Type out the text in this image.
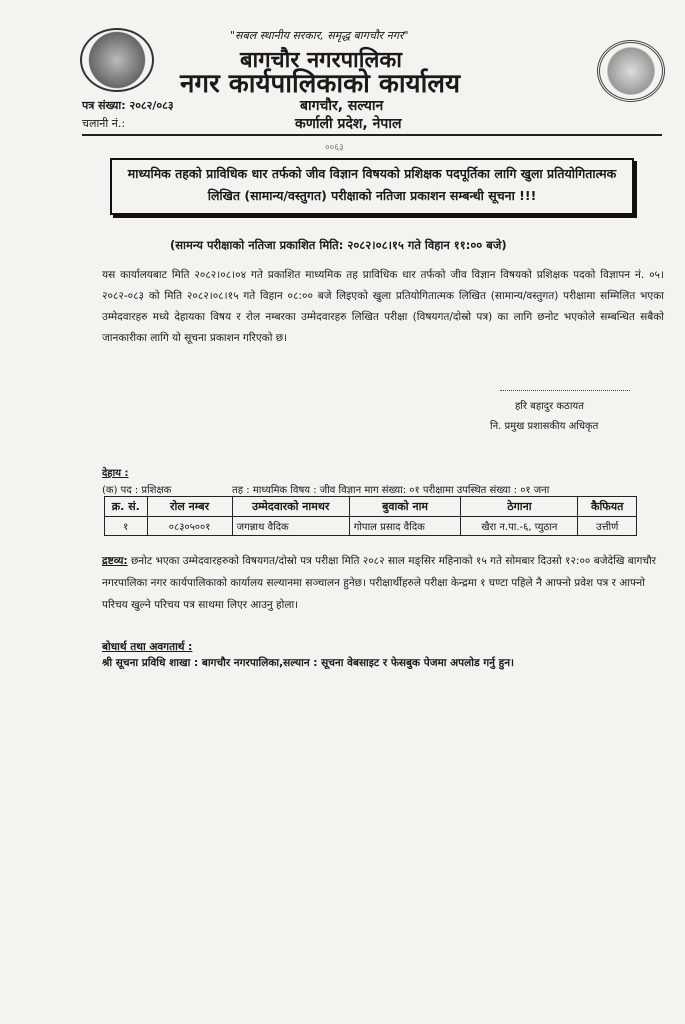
"सबल स्थानीय सरकार, समृद्ध बागचौर नगर"
बागचौर नगरपालिका
नगर कार्यपालिकाको कार्यालय
बागचौर, सल्यान
कर्णाली प्रदेश, नेपाल
पत्र संख्या: २०८२/०८३
चलानी नं.:
००६३
माध्यमिक तहको प्राविधिक धार तर्फको जीव विज्ञान विषयको प्रशिक्षक पदपूर्तिका लागि खुला प्रतियोगितात्मक लिखित (सामान्य/वस्तुगत) परीक्षाको नतिजा प्रकाशन सम्बन्धी सूचना !!!
(सामन्य परीक्षाको नतिजा प्रकाशित मिति: २०८२।०८।१५ गते विहान ११:०० बजे)
यस कार्यालयबाट मिति २०८२।०८।०४ गते प्रकाशित माध्यमिक तह प्राविधिक धार तर्फको जीव विज्ञान विषयको प्रशिक्षक पदको विज्ञापन नं. ०५।२०८२-०८३ को मिति २०८२।०८।१५ गते विहान ०८:०० बजे लिइएको खुला प्रतियोगितात्मक लिखित (सामान्य/वस्तुगत) परीक्षामा सम्मिलित भएका उम्मेदवारहरु मध्ये देहायका विषय र रोल नम्बरका उम्मेदवारहरु लिखित परीक्षा (विषयगत/दोस्रो पत्र) का लागि छनोट भएकोले सम्बन्धित सबैको जानकारीका लागि यो सूचना प्रकाशन गरिएको छ।
हरि बहादुर कठायत
नि. प्रमुख प्रशासकीय अधिकृत
देहाय :
(क) पद : प्रशिक्षक	तह : माध्यमिक विषय : जीव विज्ञान माग संख्या: ०१ परीक्षामा उपस्थित संख्या : ०१ जना
क्र. सं.	रोल नम्बर	उम्मेदवारको नामथर	बुवाको नाम	ठेगाना	कैफियत
१	०८३०५००१	जगन्नाथ वैदिक	गोपाल प्रसाद वैदिक	खैरा न.पा.-६, प्युठान	उत्तीर्ण
द्रष्टव्य: छनोट भएका उम्मेदवारहरुको विषयगत/दोस्रो पत्र परीक्षा मिति २०८२ साल मङ्सिर महिनाको १५ गते सोमबार दिउसो १२:०० बजेदेखि बागचौर नगरपालिका नगर कार्यपालिकाको कार्यालय सल्यानमा सञ्चालन हुनेछ। परीक्षार्थीहरुले परीक्षा केन्द्रमा १ घण्टा पहिले नै आफ्नो प्रवेश पत्र र आफ्नो परिचय खुल्ने परिचय पत्र साथमा लिएर आउनु होला।
बोधार्थ तथा अवगतार्थ :
श्री सूचना प्रविधि शाखा : बागचौर नगरपालिका,सल्यान : सूचना वेबसाइट र फेसबुक पेजमा अपलोड गर्नु हुन।
